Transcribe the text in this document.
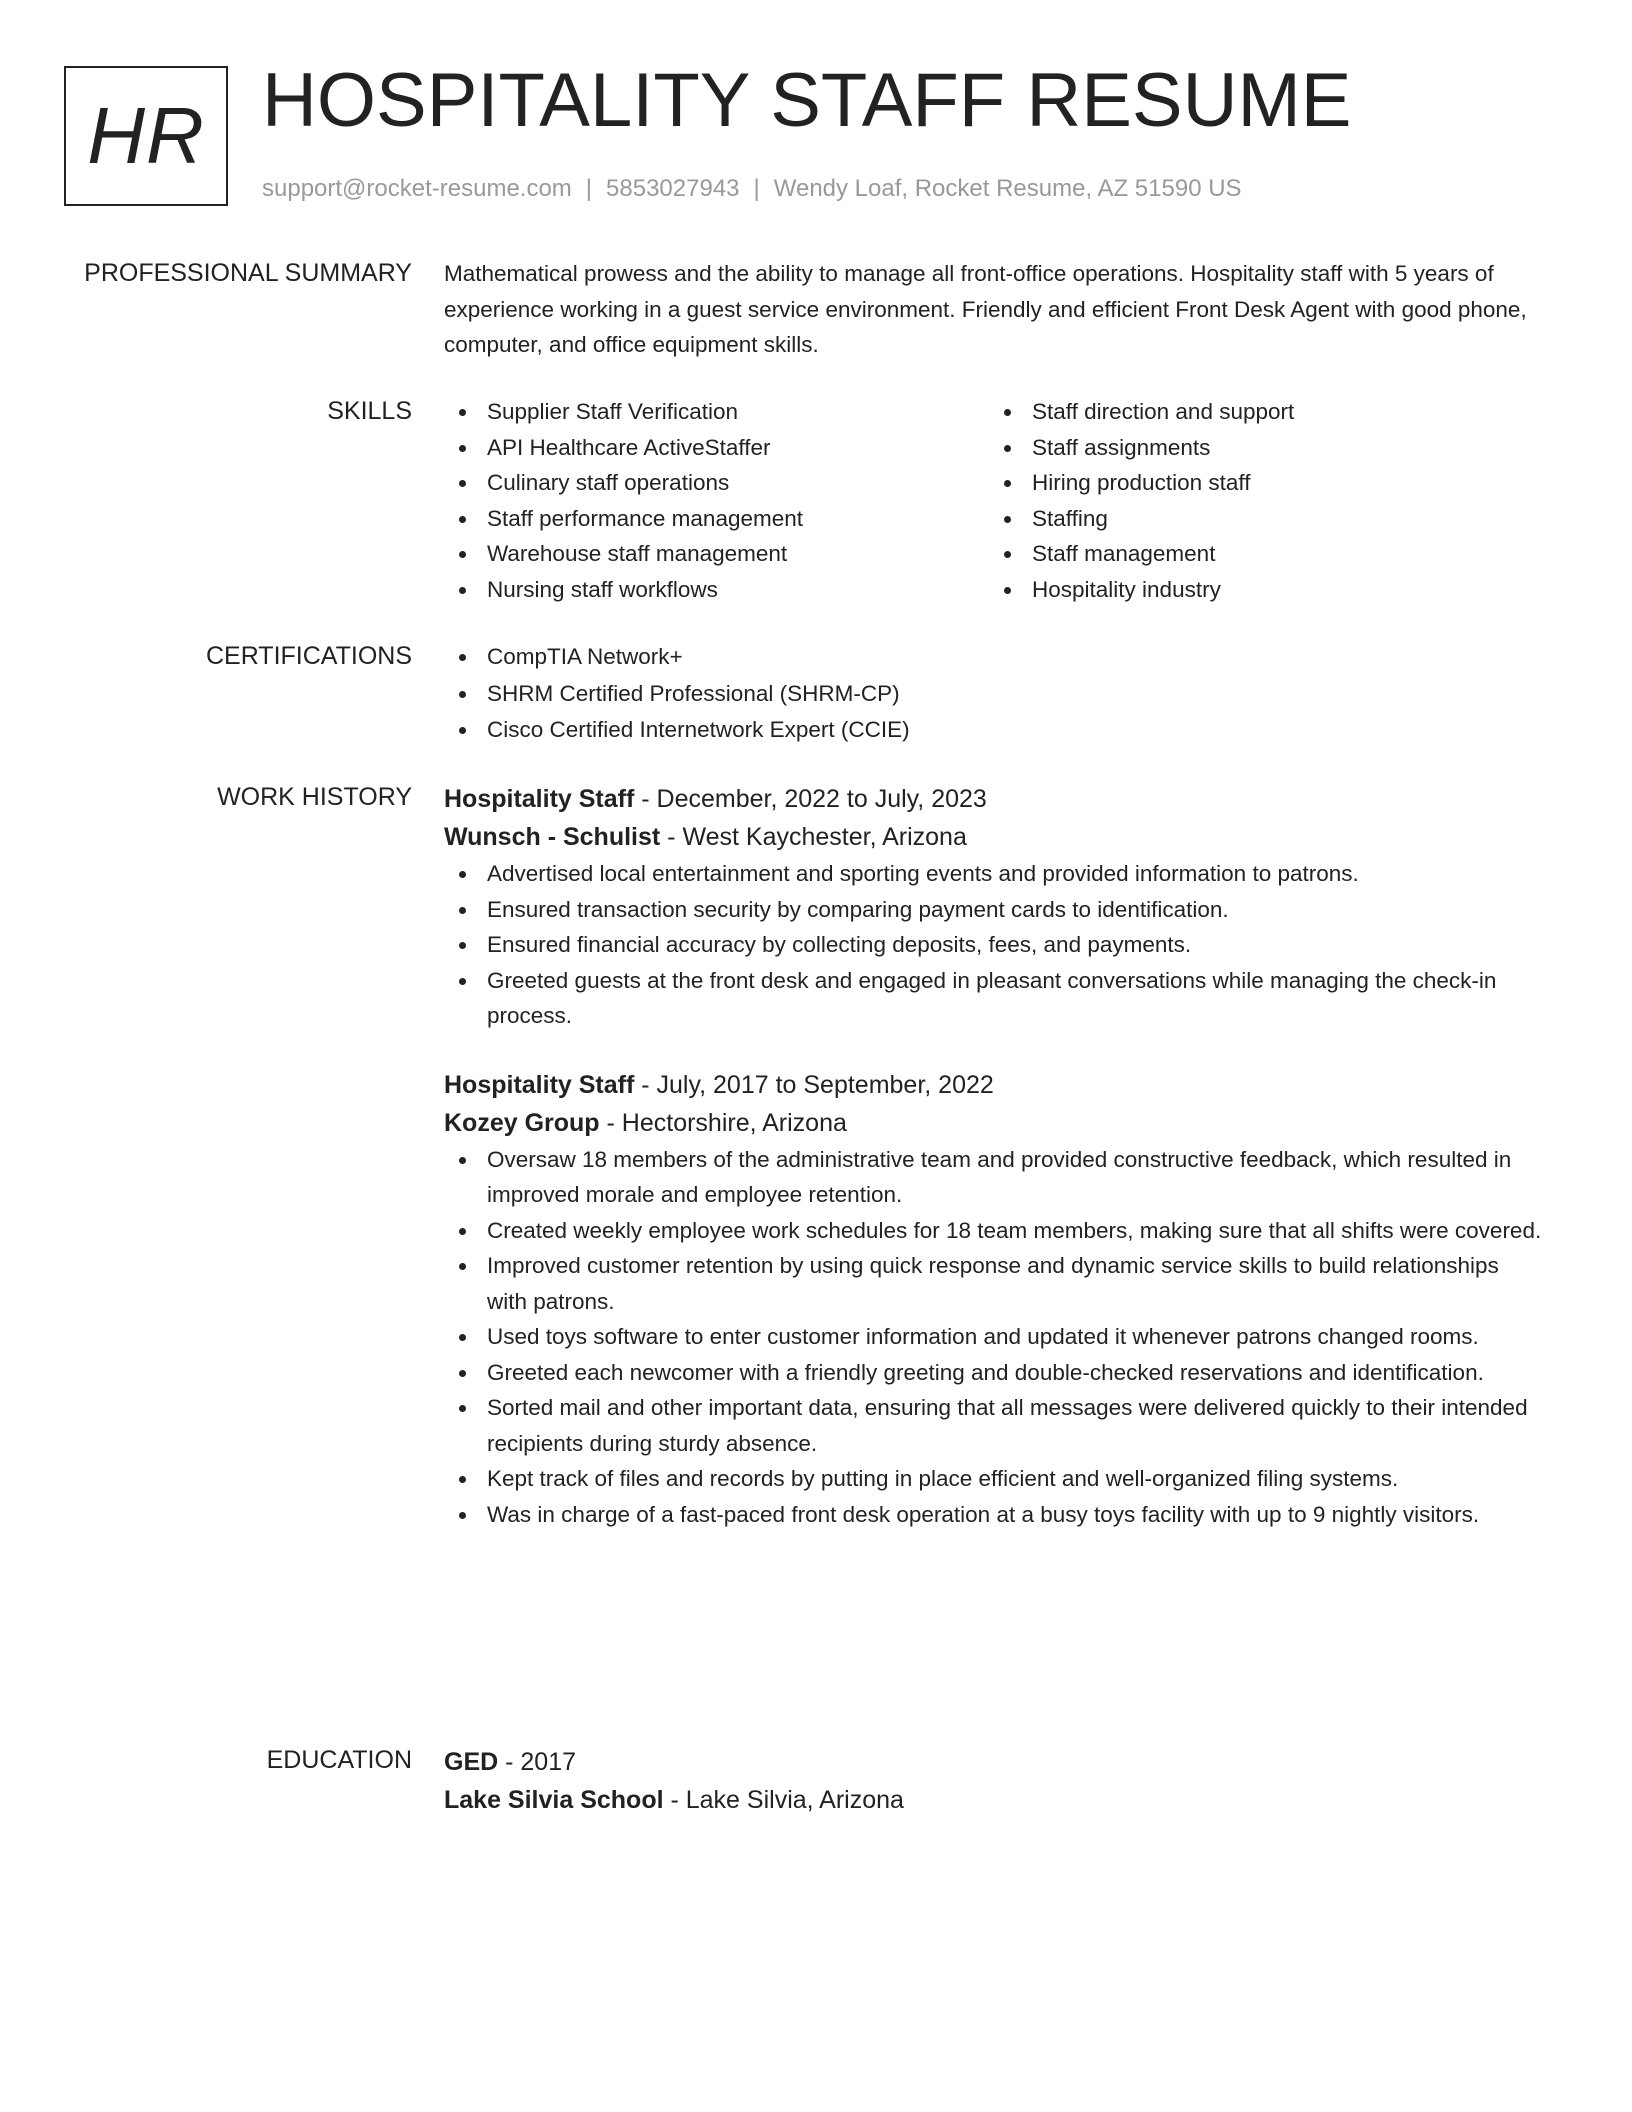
HR HOSPITALITY STAFF RESUME
support@rocket-resume.com | 5853027943 | Wendy Loaf, Rocket Resume, AZ 51590 US
PROFESSIONAL SUMMARY Mathematical prowess and the ability to manage all front-office operations. Hospitality staff with 5 years of experience working in a guest service environment. Friendly and efficient Front Desk Agent with good phone, computer, and office equipment skills.

SKILLS	Supplier Staff Verification
API Healthcare ActiveStaffer
Culinary staff operations
Staff performance management
Warehouse staff management
Nursing staff workflows
Staff direction and support
Staff assignments
Hiring production staff
Staffing
Staff management
Hospitality industry
CERTIFICATIONS	CompTIA Network+
SHRM Certified Professional (SHRM-CP)
Cisco Certified Internetwork Expert (CCIE)
WORK HISTORY Hospitality Staff - December, 2022 to July, 2023
Wunsch - Schulist - West Kaychester, Arizona
Advertised local entertainment and sporting events and provided information to patrons.
Ensured transaction security by comparing payment cards to identification.
Ensured financial accuracy by collecting deposits, fees, and payments.
Greeted guests at the front desk and engaged in pleasant conversations while managing the check-in process.
Hospitality Staff - July, 2017 to September, 2022
Kozey Group - Hectorshire, Arizona
Oversaw 18 members of the administrative team and provided constructive feedback, which resulted in improved morale and employee retention.
Created weekly employee work schedules for 18 team members, making sure that all shifts were covered.
Improved customer retention by using quick response and dynamic service skills to build relationships with patrons.
Used toys software to enter customer information and updated it whenever patrons changed rooms.
Greeted each newcomer with a friendly greeting and double-checked reservations and identification.
Sorted mail and other important data, ensuring that all messages were delivered quickly to their intended recipients during sturdy absence.
Kept track of files and records by putting in place efficient and well-organized filing systems.
Was in charge of a fast-paced front desk operation at a busy toys facility with up to 9 nightly visitors.
EDUCATION GED - 2017
Lake Silvia School - Lake Silvia, Arizona
